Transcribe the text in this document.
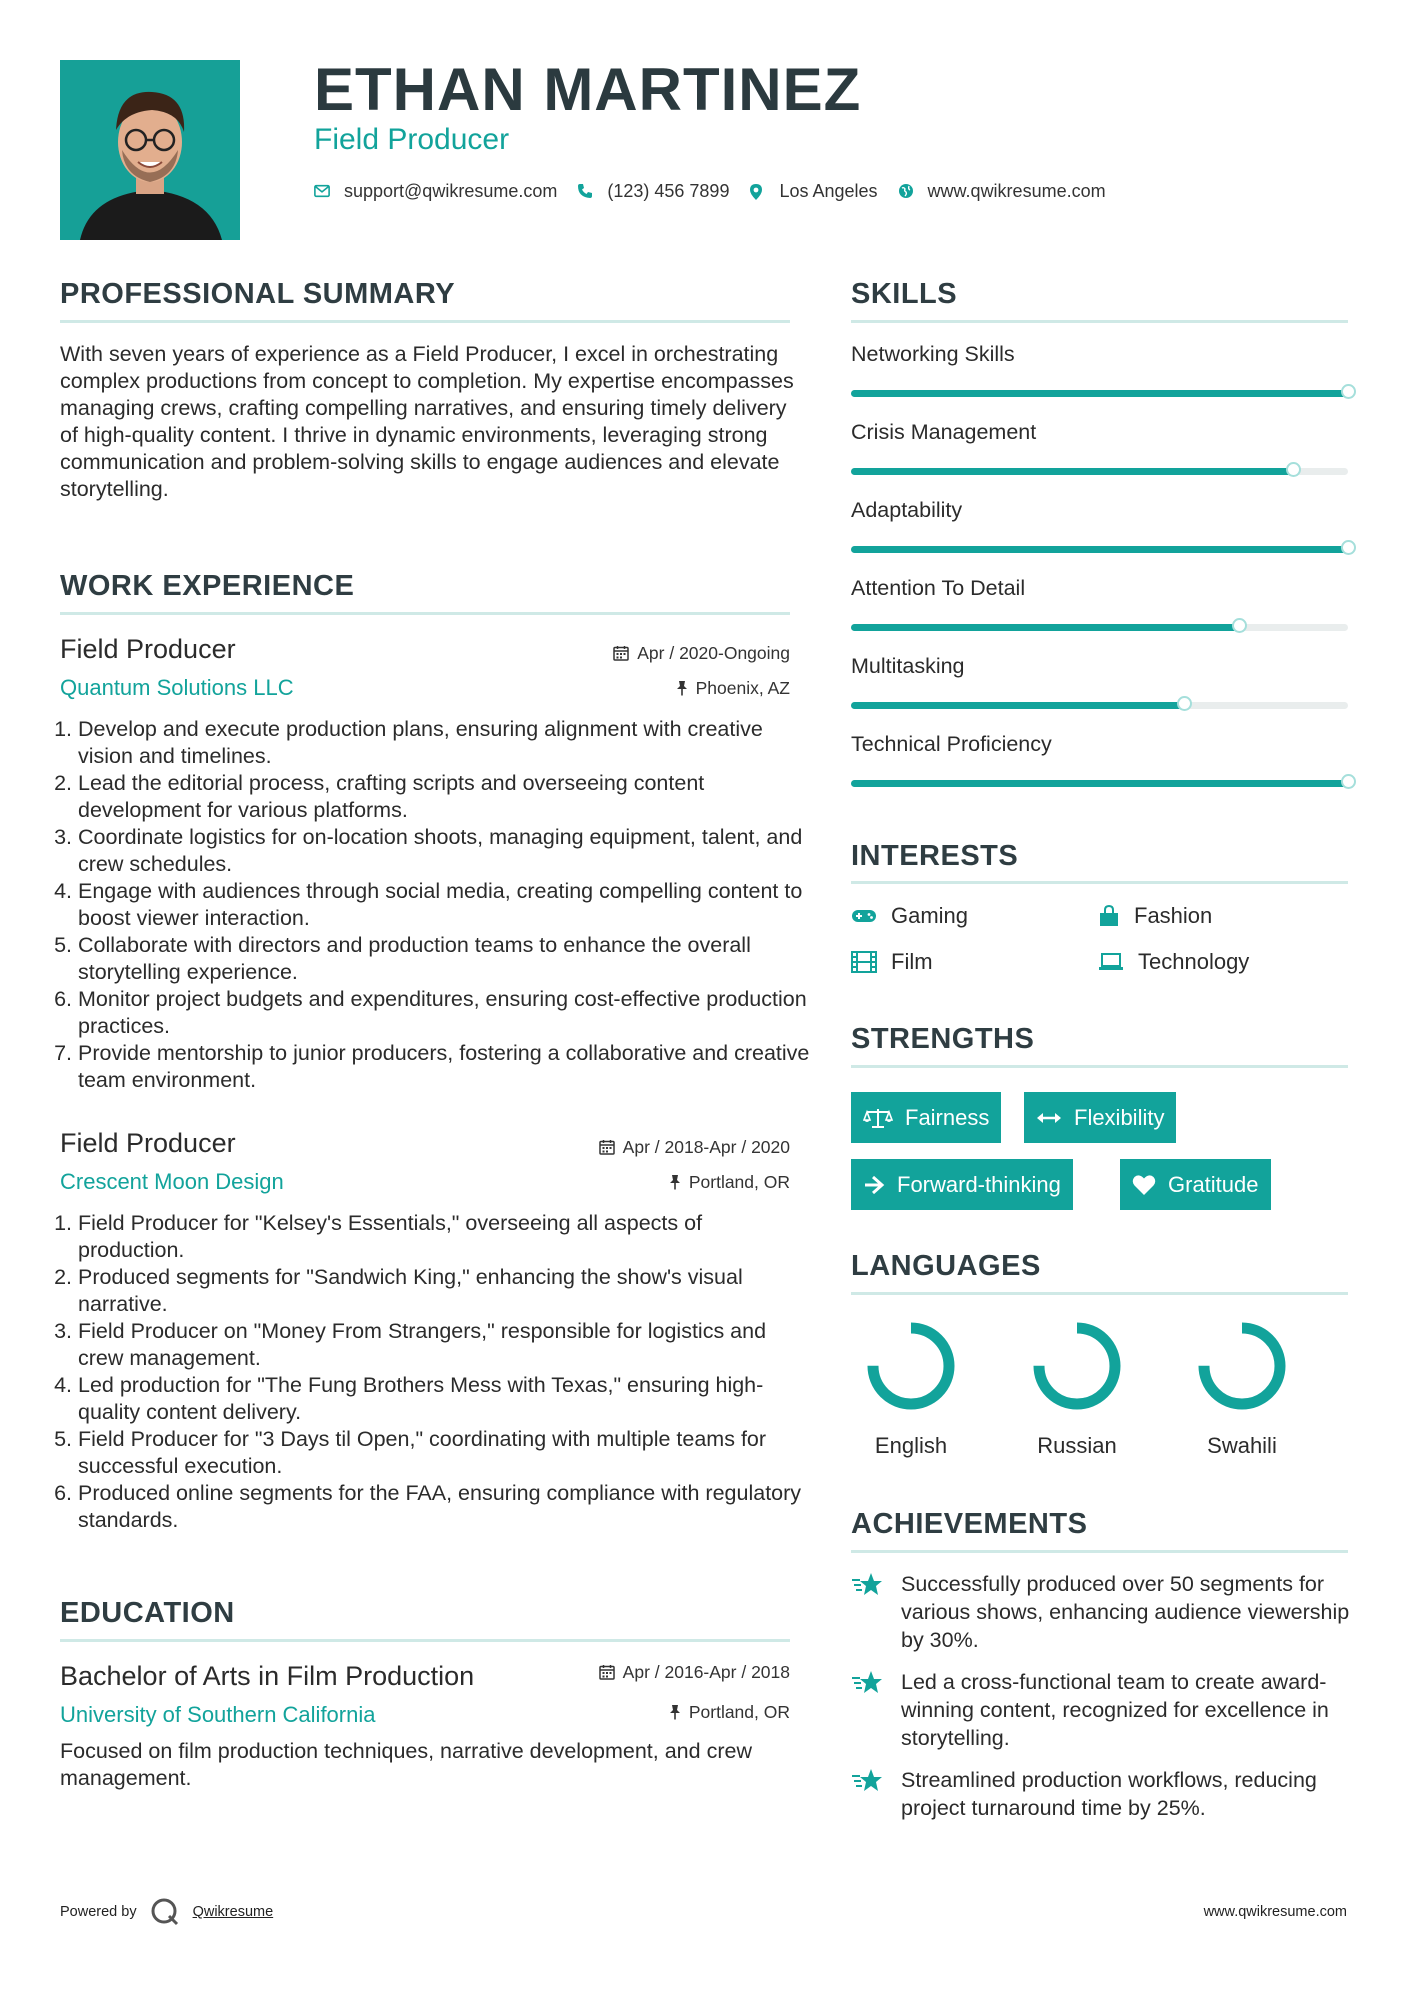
ETHAN MARTINEZ
Field Producer
support@qwikresume.com	(123) 456 7899	Los Angeles	www.qwikresume.com
PROFESSIONAL SUMMARY
With seven years of experience as a Field Producer, I excel in orchestrating complex productions from concept to completion. My expertise encompasses managing crews, crafting compelling narratives, and ensuring timely delivery of high-quality content. I thrive in dynamic environments, leveraging strong communication and problem-solving skills to engage audiences and elevate storytelling.
WORK EXPERIENCE
Field Producer
Quantum Solutions LLC
Apr / 2020-Ongoing
Phoenix, AZ
1. Develop and execute production plans, ensuring alignment with creative vision and timelines.
2. Lead the editorial process, crafting scripts and overseeing content development for various platforms.
3. Coordinate logistics for on-location shoots, managing equipment, talent, and crew schedules.
4. Engage with audiences through social media, creating compelling content to boost viewer interaction.
5. Collaborate with directors and production teams to enhance the overall storytelling experience.
6. Monitor project budgets and expenditures, ensuring cost-effective production practices.
7. Provide mentorship to junior producers, fostering a collaborative and creative team environment.
Field Producer
Crescent Moon Design
Apr / 2018-Apr / 2020
Portland, OR
1. Field Producer for "Kelsey's Essentials," overseeing all aspects of production.
2. Produced segments for "Sandwich King," enhancing the show's visual narrative.
3. Field Producer on "Money From Strangers," responsible for logistics and crew management.
4. Led production for "The Fung Brothers Mess with Texas," ensuring high-quality content delivery.
5. Field Producer for "3 Days til Open," coordinating with multiple teams for successful execution.
6. Produced online segments for the FAA, ensuring compliance with regulatory standards.
EDUCATION
Bachelor of Arts in Film Production
University of Southern California
Apr / 2016-Apr / 2018
Portland, OR
Focused on film production techniques, narrative development, and crew management.
SKILLS
Networking Skills
Crisis Management
Adaptability
Attention To Detail
Multitasking
Technical Proficiency
INTERESTS
Gaming	Fashion
Film	Technology
STRENGTHS
Fairness	Flexibility
Forward-thinking	Gratitude
LANGUAGES
English	Russian	Swahili
ACHIEVEMENTS
Successfully produced over 50 segments for various shows, enhancing audience viewership by 30%.
Led a cross-functional team to create award-winning content, recognized for excellence in storytelling.
Streamlined production workflows, reducing project turnaround time by 25%.
Powered by	Qwikresume	www.qwikresume.com
